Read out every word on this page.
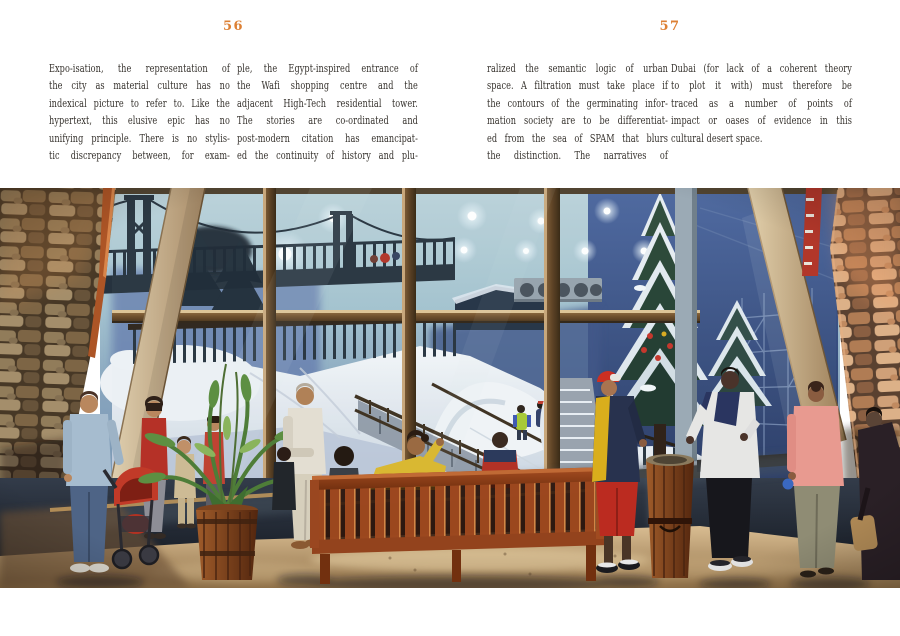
56	57
Expo-isation, the representation of
the city as material culture has no
indexical picture to refer to. Like the
hypertext, this elusive epic has no
unifying principle. There is no stylis-
tic discrepancy between, for exam-
ple, the Egypt-inspired entrance of
the Wafi shopping centre and the
adjacent High-Tech residential tower.
The stories are co-ordinated and
post-modern citation has emancipat-
ed the continuity of history and plu-
ralized the semantic logic of urban
space. A filtration must take place if
the contours of the germinating infor-
mation society are to be differentiat-
ed from the sea of SPAM that blurs
the distinction. The narratives of
Dubai (for lack of a coherent theory
to plot it with) must therefore be
traced as a number of points of
impact or oases of evidence in this
cultural desert space.
